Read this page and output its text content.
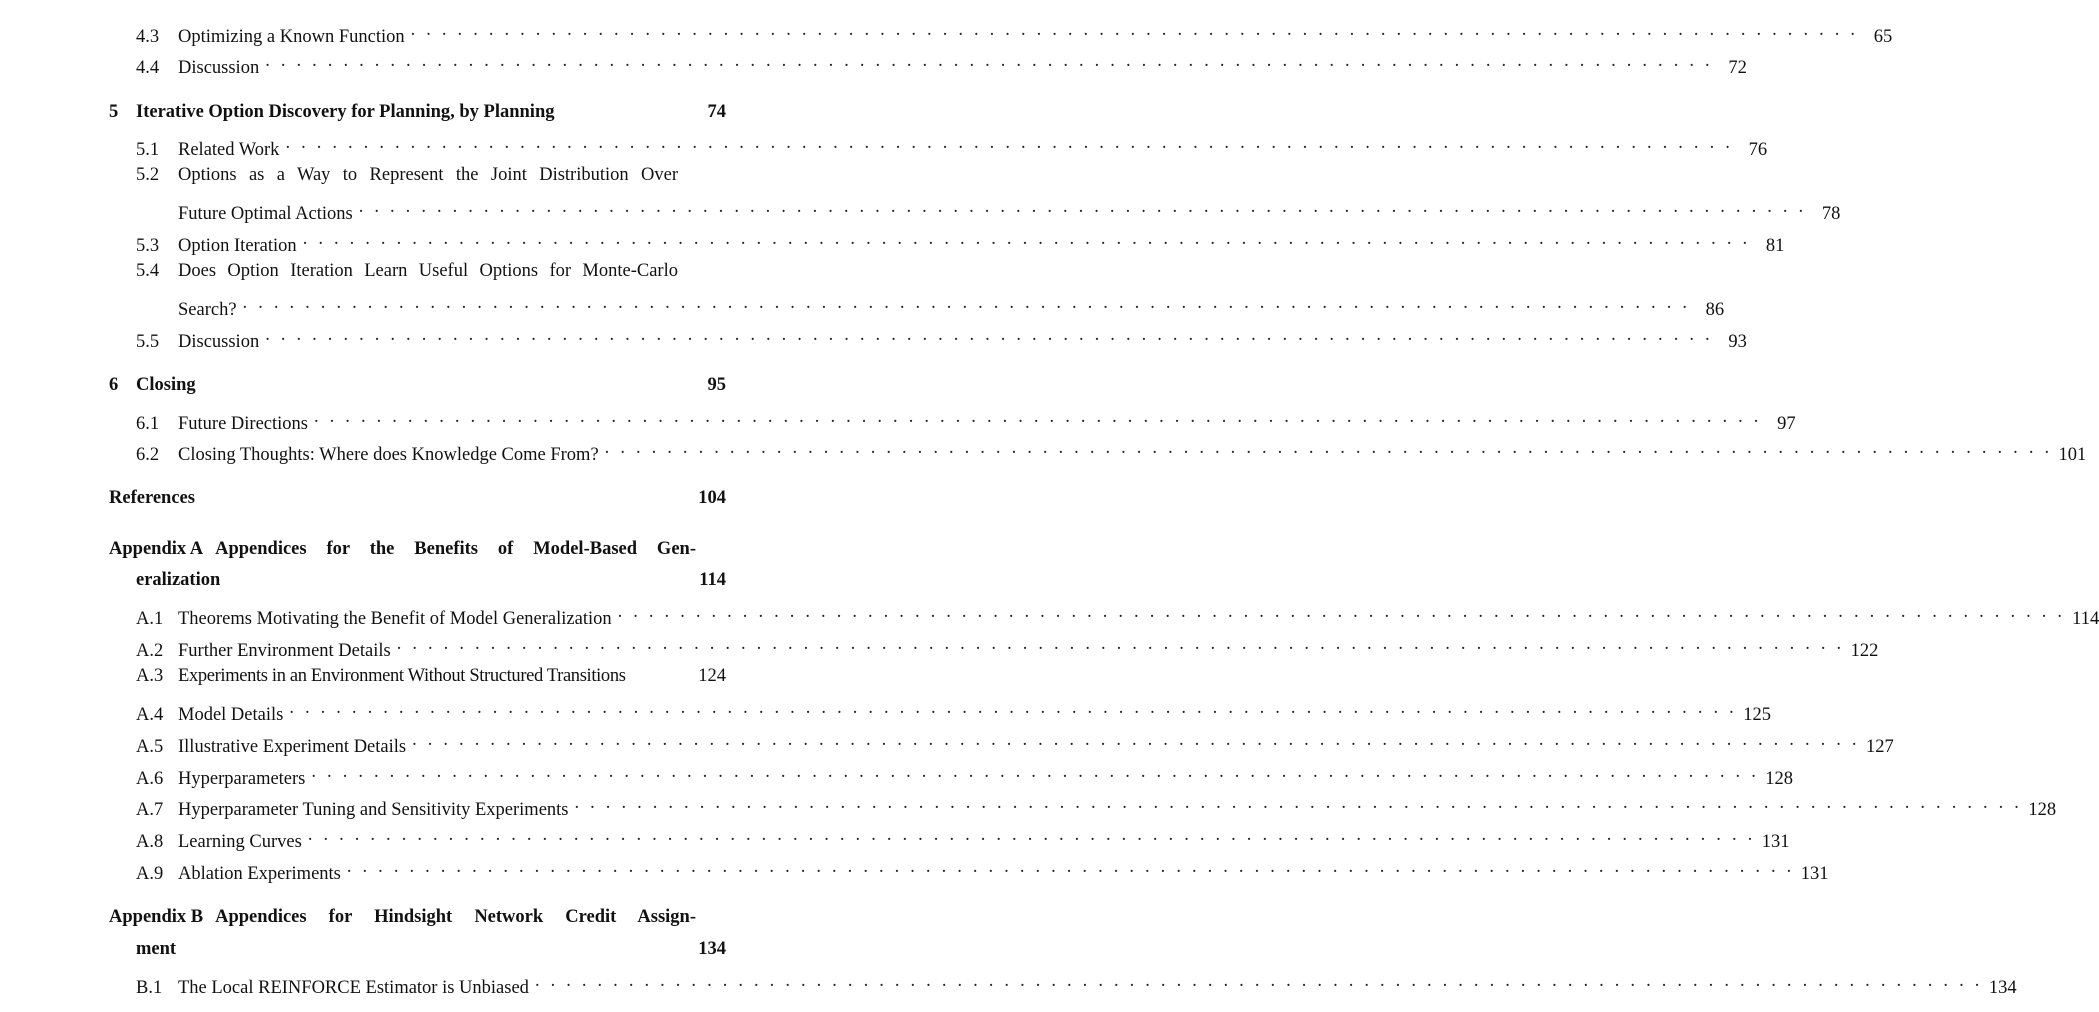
4.3	Optimizing a Known Function . . .	65
4.4	Discussion . . .	72
5 Iterative Option Discovery for Planning, by Planning	74
5.1	Related Work . . .	76
5.2	Options as a Way to Represent the Joint Distribution Over
Future Optimal Actions . . .	78
5.3	Option Iteration . . .	81
5.4	Does Option Iteration Learn Useful Options for Monte-Carlo
Search? . . .	86
5.5	Discussion . . .	93
6 Closing	95
6.1	Future Directions . . .	97
6.2	Closing Thoughts: Where does Knowledge Come From? . . .	101
References	104
Appendix A Appendices for the Benefits of Model-Based Gen-
eralization	114
A.1 Theorems Motivating the Benefit of Model Generalization . . .	114
A.2 Further Environment Details . . .	122
A.3 Experiments in an Environment Without Structured Transitions	124
A.4 Model Details . . .	125
A.5 Illustrative Experiment Details . . .	127
A.6 Hyperparameters . . .	128
A.7 Hyperparameter Tuning and Sensitivity Experiments . . .	128
A.8 Learning Curves . . .	131
A.9 Ablation Experiments . . .	131
Appendix B Appendices for Hindsight Network Credit Assign-
ment	134
B.1 The Local REINFORCE Estimator is Unbiased . . .	134
